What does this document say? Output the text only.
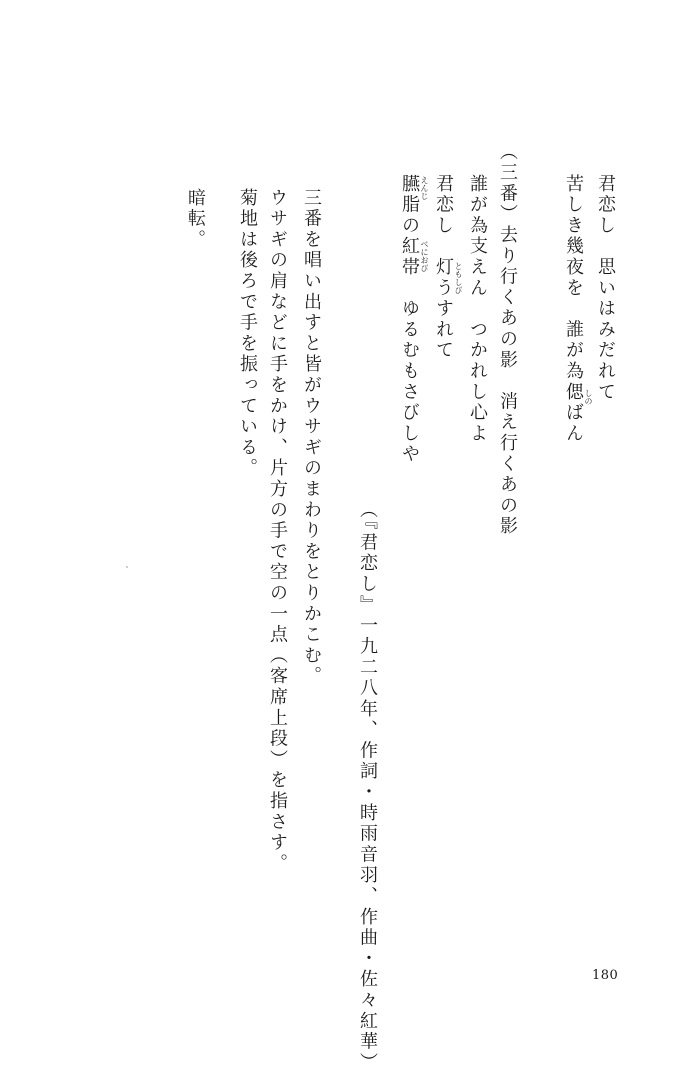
君恋し　思いはみだれて
苦しき幾夜を　誰が為偲ばん しの
（三番）去り行くあの影　消え行くあの影
誰が為支えん　つかれし心よ
君恋し　灯うすれて ともしび
臙脂の紅帯　ゆるむもさびしや えんじ
べにおび
（『君恋し』一九二八年、作詞・時雨音羽、作曲・佐々紅華）
三番を唱い出すと皆がウサギのまわりをとりかこむ。
ウサギの肩などに手をかけ、片方の手で空の一点（客席上段）を指さす。
菊地は後ろで手を振っている。
暗転。
180
